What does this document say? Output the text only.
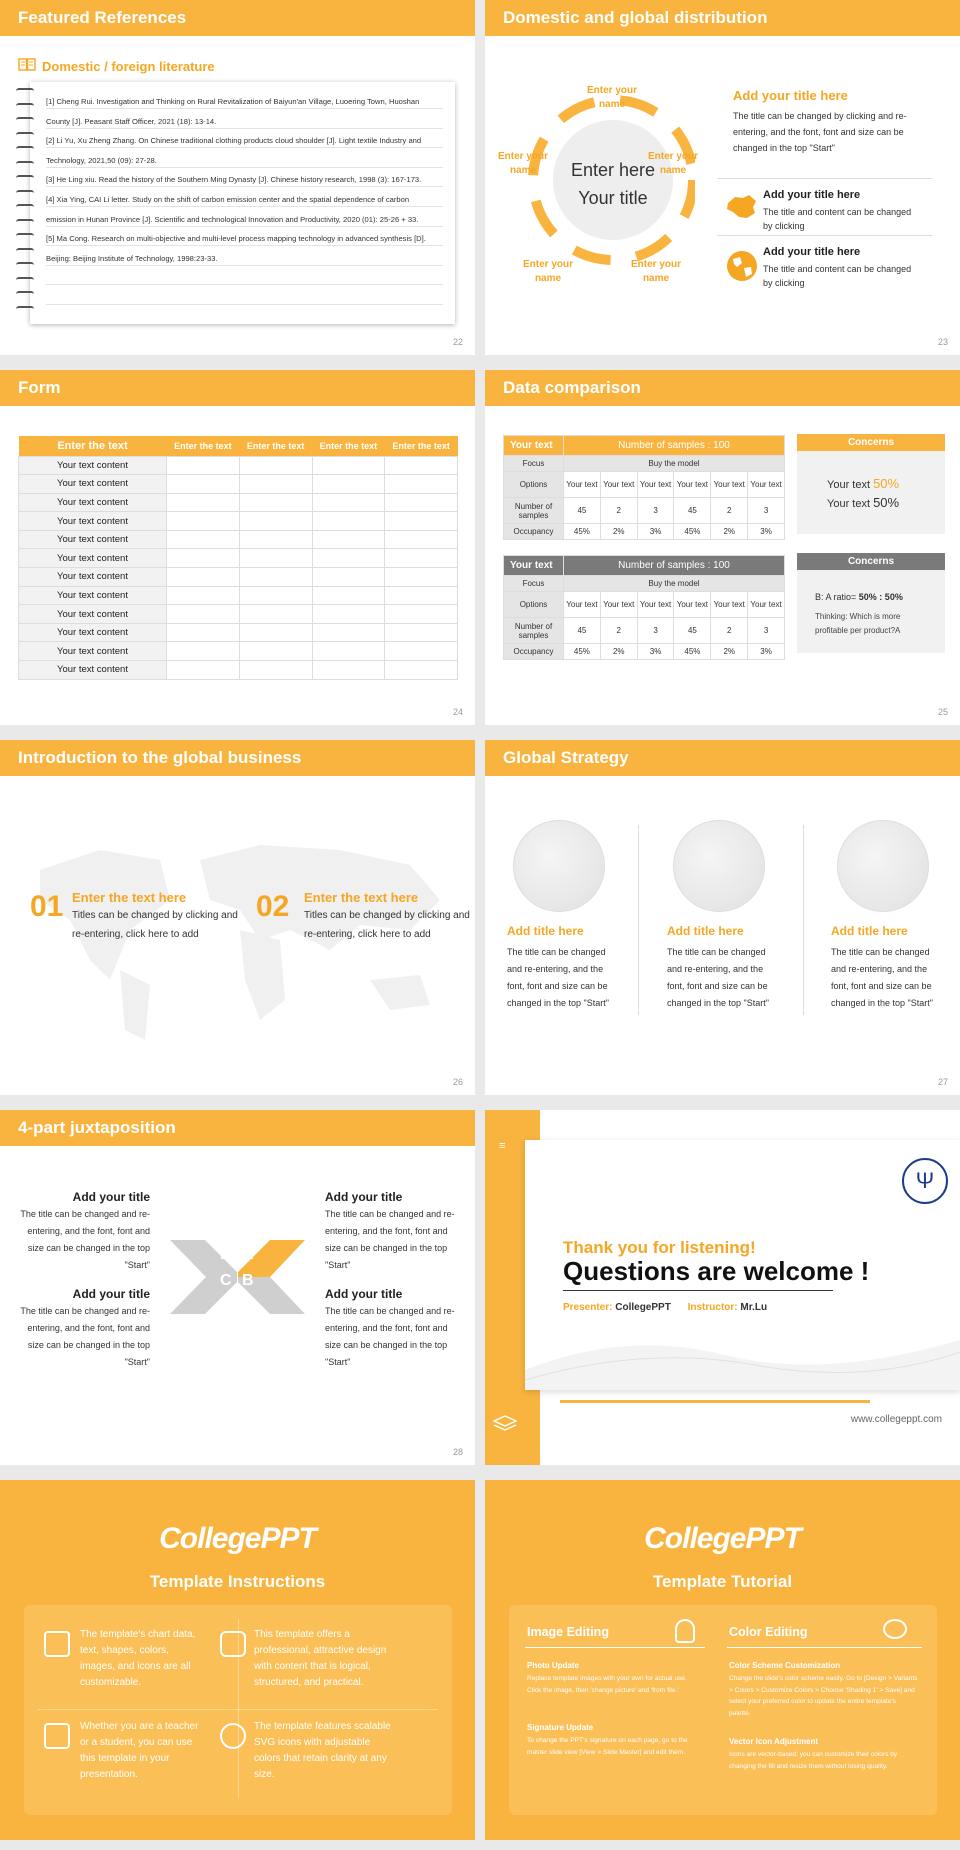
Featured References
Domestic / foreign literature
[1] Cheng Rui. Investigation and Thinking on Rural Revitalization of Baiyun'an Village, Luoering Town, Huoshan
County [J]. Peasant Staff Officer, 2021 (18): 13-14.
[2] Li Yu, Xu Zheng Zhang. On Chinese traditional clothing products cloud shoulder [J]. Light textile Industry and
Technology, 2021,50 (09): 27-28.
[3] He Ling xiu. Read the history of the Southern Ming Dynasty [J]. Chinese history research, 1998 (3): 167-173.
[4] Xia Ying, CAI Li letter. Study on the shift of carbon emission center and the spatial dependence of carbon
emission in Hunan Province [J]. Scientific and technological Innovation and Productivity, 2020 (01): 25-26 + 33.
[5] Ma Cong. Research on multi-objective and multi-level process mapping technology in advanced synthesis [D].
Beijing: Beijing Institute of Technology, 1998:23-33.
22
Domestic and global distribution
Enter here
Your title
Enter your name
Enter your name
Enter your name
Enter your name
Enter your name
Add your title here
The title can be changed by clicking and re-entering, and the font, font and size can be changed in the top "Start"
Add your title here
The title and content can be changed by clicking
Add your title here
The title and content can be changed by clicking
23
Form
Enter the text	Enter the text	Enter the text	Enter the text	Enter the text
Your text content				
Your text content				
Your text content				
Your text content				
Your text content				
Your text content				
Your text content				
Your text content				
Your text content				
Your text content				
Your text content				
Your text content				
24
Data comparison
Your text	Number of samples : 100					
Focus	Buy the model					
Options	Your text	Your text	Your text	Your text	Your text	Your text
Number of samples	45	2	3	45	2	3
Occupancy	45%	2%	3%	45%	2%	3%
Your text	Number of samples : 100					
Focus	Buy the model					
Options	Your text	Your text	Your text	Your text	Your text	Your text
Number of samples	45	2	3	45	2	3
Occupancy	45%	2%	3%	45%	2%	3%
Concerns
Your text 50%
Your text 50%
Concerns
B: A ratio= 50% : 50%
Thinking: Which is more profitable per product?A
25
Introduction to the global business
01 Enter the text here
Titles can be changed by clicking and re-entering, click here to add
02 Enter the text here
Titles can be changed by clicking and re-entering, click here to add
26
Global Strategy
Add title here
The title can be changed and re-entering, and the font, font and size can be changed in the top "Start"
Add title here
The title can be changed and re-entering, and the font, font and size can be changed in the top "Start"
Add title here
The title can be changed and re-entering, and the font, font and size can be changed in the top "Start"
27
4-part juxtaposition
Add your title
The title can be changed and re-entering, and the font, font and size can be changed in the top "Start"
Add your title
The title can be changed and re-entering, and the font, font and size can be changed in the top "Start"
Add your title
The title can be changed and re-entering, and the font, font and size can be changed in the top "Start"
Add your title
The title can be changed and re-entering, and the font, font and size can be changed in the top "Start"
D A
C B
28
≡
Ψ
Thank you for listening!
Questions are welcome !
Presenter: CollegePPT Instructor: Mr.Lu
www.collegeppt.com
CollegePPT
Template Instructions
The template's chart data, text, shapes, colors, images, and icons are all customizable.
This template offers a professional, attractive design with content that is logical, structured, and practical.
Whether you are a teacher or a student, you can use this template in your presentation.
The template features scalable SVG icons with adjustable colors that retain clarity at any size.
CollegePPT
Template Tutorial
Image Editing
Photo Update
Replace template images with your own for actual use. Click the image, then 'change picture' and 'from file.'
Signature Update
To change the PPT's signature on each page, go to the master slide view [View > Slide Master] and edit them.
Color Editing
Color Scheme Customization
Change the slide's color scheme easily. Go to [Design > Variants > Colors > Customize Colors > Choose 'Shading 1' > Save] and select your preferred color to update the entire template's palette.
Vector Icon Adjustment
Icons are vector-based; you can customize their colors by changing the fill and resize them without losing quality.
